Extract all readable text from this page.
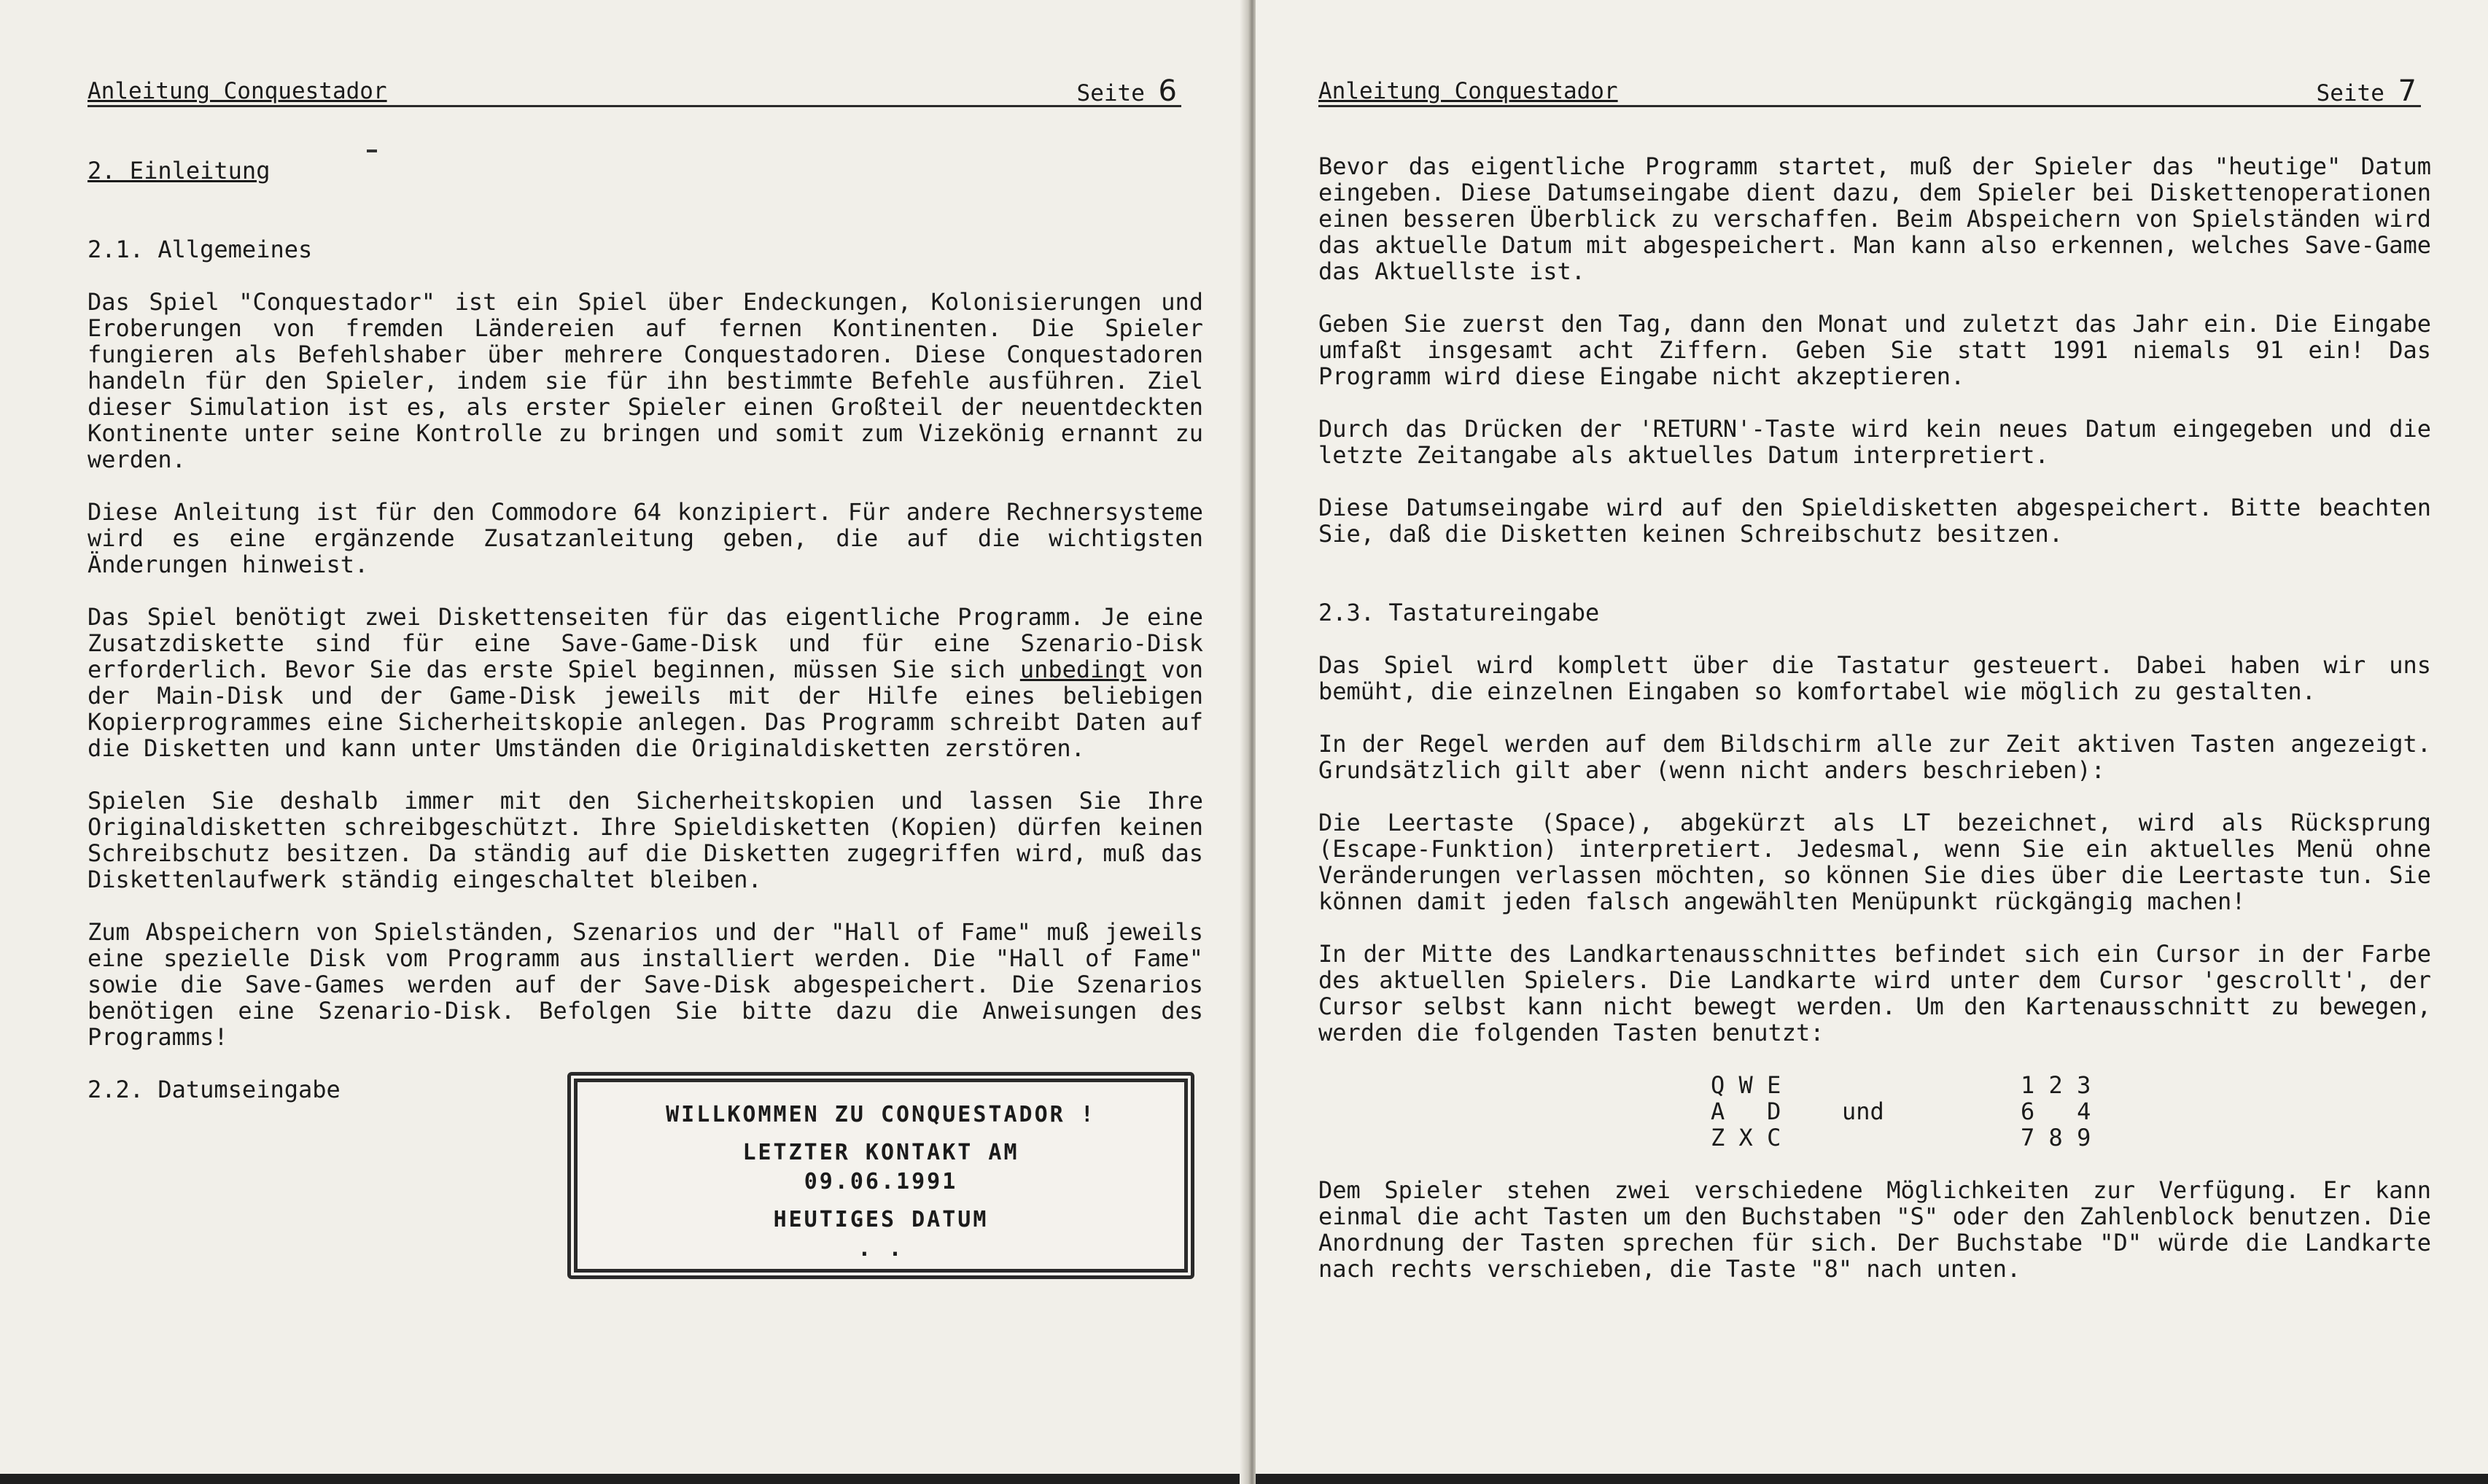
Anleitung Conquestador	Seite 6
2. Einleitung
2.1. Allgemeines

Das Spiel "Conquestador" ist ein Spiel über Endeckungen, Kolonisierungen und Eroberungen von fremden Ländereien auf fernen Kontinenten. Die Spieler fungieren als Befehlshaber über mehrere Conquestadoren. Diese Conquestadoren handeln für den Spieler, indem sie für ihn bestimmte Befehle ausführen. Ziel dieser Simulation ist es, als erster Spieler einen Großteil der neuentdeckten Kontinente unter seine Kontrolle zu bringen und somit zum Vizekönig ernannt zu werden.

Diese Anleitung ist für den Commodore 64 konzipiert. Für andere Rechnersysteme wird es eine ergänzende Zusatzanleitung geben, die auf die wichtigsten Änderungen hinweist.

Das Spiel benötigt zwei Diskettenseiten für das eigentliche Programm. Je eine Zusatzdiskette sind für eine Save-Game-Disk und für eine Szenario-Disk erforderlich. Bevor Sie das erste Spiel beginnen, müssen Sie sich unbedingt von der Main-Disk und der Game-Disk jeweils mit der Hilfe eines beliebigen Kopierprogrammes eine Sicherheitskopie anlegen. Das Programm schreibt Daten auf die Disketten und kann unter Umständen die Originaldisketten zerstören.

Spielen Sie deshalb immer mit den Sicherheitskopien und lassen Sie Ihre Originaldisketten schreibgeschützt. Ihre Spieldisketten (Kopien) dürfen keinen Schreibschutz besitzen. Da ständig auf die Disketten zugegriffen wird, muß das Diskettenlaufwerk ständig eingeschaltet bleiben.

Zum Abspeichern von Spielständen, Szenarios und der "Hall of Fame" muß jeweils eine spezielle Disk vom Programm aus installiert werden. Die "Hall of Fame" sowie die Save-Games werden auf der Save-Disk abgespeichert. Die Szenarios benötigen eine Szenario-Disk. Befolgen Sie bitte dazu die Anweisungen des Programms!

2.2. Datumseingabe
WILLKOMMEN ZU CONQUESTADOR !
LETZTER KONTAKT AM
09.06.1991
HEUTIGES DATUM
. .
Anleitung Conquestador	Seite 7

Bevor das eigentliche Programm startet, muß der Spieler das "heutige" Datum eingeben. Diese Datumseingabe dient dazu, dem Spieler bei Diskettenoperationen einen besseren Überblick zu verschaffen. Beim Abspeichern von Spielständen wird das aktuelle Datum mit abgespeichert. Man kann also erkennen, welches Save-Game das Aktuellste ist.

Geben Sie zuerst den Tag, dann den Monat und zuletzt das Jahr ein. Die Eingabe umfaßt insgesamt acht Ziffern. Geben Sie statt 1991 niemals 91 ein! Das Programm wird diese Eingabe nicht akzeptieren.

Durch das Drücken der 'RETURN'-Taste wird kein neues Datum eingegeben und die letzte Zeitangabe als aktuelles Datum interpretiert.

Diese Datumseingabe wird auf den Spieldisketten abgespeichert. Bitte beachten Sie, daß die Disketten keinen Schreibschutz besitzen.

2.3. Tastatureingabe

Das Spiel wird komplett über die Tastatur gesteuert. Dabei haben wir uns bemüht, die einzelnen Eingaben so komfortabel wie möglich zu gestalten.

In der Regel werden auf dem Bildschirm alle zur Zeit aktiven Tasten angezeigt. Grundsätzlich gilt aber (wenn nicht anders beschrieben):

Die Leertaste (Space), abgekürzt als LT bezeichnet, wird als Rücksprung (Escape-Funktion) interpretiert. Jedesmal, wenn Sie ein aktuelles Menü ohne Veränderungen verlassen möchten, so können Sie dies über die Leertaste tun. Sie können damit jeden falsch angewählten Menüpunkt rückgängig machen!

In der Mitte des Landkartenausschnittes befindet sich ein Cursor in der Farbe des aktuellen Spielers. Die Landkarte wird unter dem Cursor 'gescrollt', der Cursor selbst kann nicht bewegt werden. Um den Kartenausschnitt zu bewegen, werden die folgenden Tasten benutzt:

Q W E
A   D
Z X C
und
1 2 3
6   4
7 8 9

Dem Spieler stehen zwei verschiedene Möglichkeiten zur Verfügung. Er kann einmal die acht Tasten um den Buchstaben "S" oder den Zahlenblock benutzen. Die Anordnung der Tasten sprechen für sich. Der Buchstabe "D" würde die Landkarte nach rechts verschieben, die Taste "8" nach unten.
